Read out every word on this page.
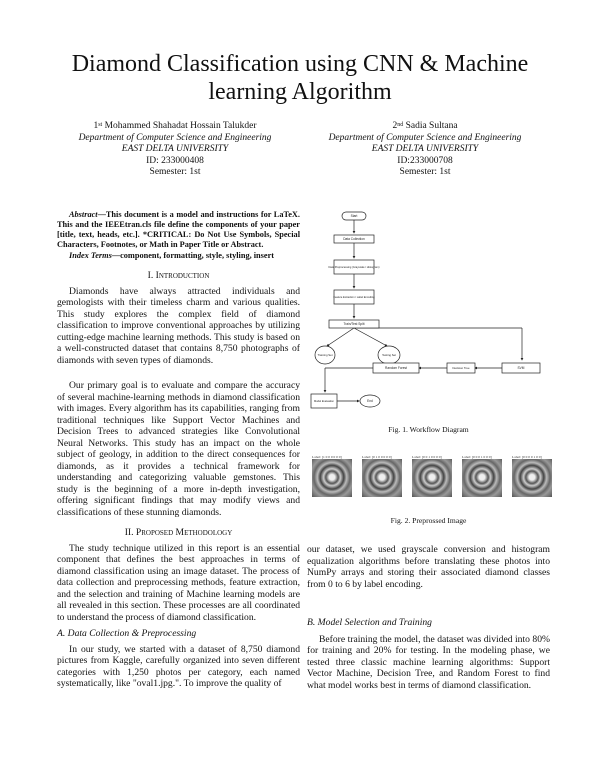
Diamond Classification using CNN & Machine learning Algorithm
1st Mohammed Shahadat Hossain Talukder
Department of Computer Science and Engineering
EAST DELTA UNIVERSITY
ID: 233000408
Semester: 1st
2nd Sadia Sultana
Department of Computer Science and Engineering
EAST DELTA UNIVERSITY
ID:233000708
Semester: 1st

Abstract—This document is a model and instructions for LaTeX. This and the IEEEtran.cls file define the components of your paper [title, text, heads, etc.]. *CRITICAL: Do Not Use Symbols, Special Characters, Footnotes, or Math in Paper Title or Abstract.

Index Terms—component, formatting, style, styling, insert

I. Introduction

Diamonds have always attracted individuals and gemologists with their timeless charm and various qualities. This study explores the complex field of diamond classification to improve conventional approaches by utilizing cutting-edge machine learning methods. This study is based on a well-constructed dataset that contains 8,750 photographs of diamonds with seven types of diamonds.

Our primary goal is to evaluate and compare the accuracy of several machine-learning methods in diamond classification with images. Every algorithm has its capabilities, ranging from traditional techniques like Support Vector Machines and Decision Trees to advanced strategies like Convolutional Neural Networks. This study has an impact on the whole subject of geology, in addition to the direct consequences for diamonds, as it provides a technical framework for understanding and categorizing valuable gemstones. This study is the beginning of a more in-depth investigation, offering significant findings that may modify views and classifications of these stunning diamonds.

II. Proposed Methodology

The study technique utilized in this report is an essential component that defines the best approaches in terms of diamond classification using an image dataset. The process of data collection and preprocessing methods, feature extraction, and the selection and training of Machine learning models are all revealed in this section. These processes are all coordinated to understand the process of diamond classification.

A. Data Collection & Preprocessing

In our study, we started with a dataset of 8,750 diamond pictures from Kaggle, carefully organized into seven different categories with 1,250 photos per category, each named systematically, like "oval1.jpg.". To improve the quality of

Start
Data Collection
Data Preprocessing (Grayscale / Histogram)
Feature Extraction / Label Encoding
Train/Test Split
Training Set	Testing Set
Random Forest	Decision Tree	SVM
Model Evaluation	End
Fig. 1. Workflow Diagram
Label: [1 0 0 0 0 0 0]	Label: [0 1 0 0 0 0 0]	Label: [0 0 1 0 0 0 0]	Label: [0 0 0 1 0 0 0]	Label: [0 0 0 0 1 0 0]
Fig. 2. Preprossed Image

our dataset, we used grayscale conversion and histogram equalization algorithms before translating these photos into NumPy arrays and storing their associated diamond classes from 0 to 6 by label encoding.

B. Model Selection and Training

Before training the model, the dataset was divided into 80% for training and 20% for testing. In the modeling phase, we tested three classic machine learning algorithms: Support Vector Machine, Decision Tree, and Random Forest to find what model works best in terms of diamond classification.
